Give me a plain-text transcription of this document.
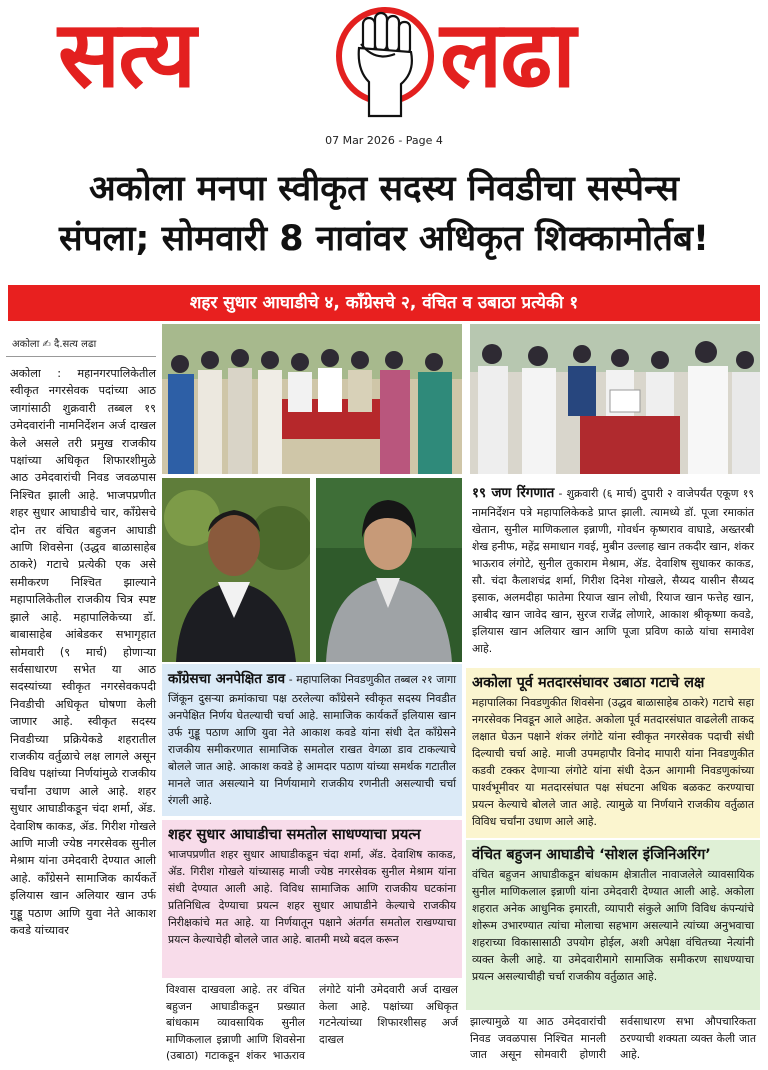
सत्य	लढा
07 Mar 2026 - Page 4
अकोला मनपा स्वीकृत सदस्य निवडीचा सस्पेन्स
संपला; सोमवारी 8 नावांवर अधिकृत शिक्कामोर्तब!
शहर सुधार आघाडीचे ४, काँग्रेसचे २, वंचित व उबाठा प्रत्येकी १
अकोला ✍ दै.सत्य लढा

अकोला : महानगरपालिकेतील स्वीकृत नगरसेवक पदांच्या आठ जागांसाठी शुक्रवारी तब्बल १९ उमेदवारांनी नामनिर्देशन अर्ज दाखल केले असले तरी प्रमुख राजकीय पक्षांच्या अधिकृत शिफारशीमुळे आठ उमेदवारांची निवड जवळपास निश्चित झाली आहे. भाजपप्रणीत शहर सुधार आघाडीचे चार, काँग्रेसचे दोन तर वंचित बहुजन आघाडी आणि शिवसेना (उद्धव बाळासाहेब ठाकरे) गटाचे प्रत्येकी एक असे समीकरण निश्चित झाल्याने महापालिकेतील राजकीय चित्र स्पष्ट झाले आहे. महापालिकेच्या डॉ. बाबासाहेब आंबेडकर सभागृहात सोमवारी (९ मार्च) होणाऱ्या सर्वसाधारण सभेत या आठ सदस्यांच्या स्वीकृत नगरसेवकपदी निवडीची अधिकृत घोषणा केली जाणार आहे. स्वीकृत सदस्य निवडीच्या प्रक्रियेकडे शहरातील राजकीय वर्तुळाचे लक्ष लागले असून विविध पक्षांच्या निर्णयांमुळे राजकीय चर्चांना उधाण आले आहे. शहर सुधार आघाडीकडून चंदा शर्मा, ॲड. देवाशिष काकड, ॲड. गिरीश गोखले आणि माजी ज्येष्ठ नगरसेवक सुनील मेश्राम यांना उमेदवारी देण्यात आली आहे. काँग्रेसने सामाजिक कार्यकर्ते इलियास खान अलियार खान उर्फ गुड्डू पठाण आणि युवा नेते आकाश कवडे यांच्यावर

१९ जण रिंगणात - शुक्रवारी (६ मार्च) दुपारी २ वाजेपर्यंत एकूण १९ नामनिर्देशन पत्रे महापालिकेकडे प्राप्त झाली. त्यामध्ये डॉ. पूजा रमाकांत खेतान, सुनील माणिकलाल इन्नाणी, गोवर्धन कृष्णराव वाघाडे, अख्तरबी शेख हनीफ, महेंद्र समाधान गवई, मुबीन उल्लाह खान तकदीर खान, शंकर भाऊराव लंगोटे, सुनील तुकाराम मेश्राम, ॲड. देवाशिष सुधाकर काकड, सौ. चंदा कैलाशचंद्र शर्मा, गिरीश दिनेश गोखले, सैय्यद यासीन सैय्यद इसाक, अलमदीहा फातेमा रियाज खान लोधी, रियाज खान फत्तेह खान, आबीद खान जावेद खान, सुरज राजेंद्र लोणारे, आकाश श्रीकृष्णा कवडे, इलियास खान अलियार खान आणि पूजा प्रविण काळे यांचा समावेश आहे.

काँग्रेसचा अनपेक्षित डाव - महापालिका निवडणुकीत तब्बल २१ जागा जिंकून दुसऱ्या क्रमांकाचा पक्ष ठरलेल्या काँग्रेसने स्वीकृत सदस्य निवडीत अनपेक्षित निर्णय घेतल्याची चर्चा आहे. सामाजिक कार्यकर्ते इलियास खान उर्फ गुड्डू पठाण आणि युवा नेते आकाश कवडे यांना संधी देत काँग्रेसने राजकीय समीकरणात सामाजिक समतोल राखत वेगळा डाव टाकल्याचे बोलले जात आहे. आकाश कवडे हे आमदार पठाण यांच्या समर्थक गटातील मानले जात असल्याने या निर्णयामागे राजकीय रणनीती असल्याची चर्चा रंगली आहे.

शहर सुधार आघाडीचा समतोल साधण्याचा प्रयत्न

भाजपप्रणीत शहर सुधार आघाडीकडून चंदा शर्मा, ॲड. देवाशिष काकड, ॲड. गिरीश गोखले यांच्यासह माजी ज्येष्ठ नगरसेवक सुनील मेश्राम यांना संधी देण्यात आली आहे. विविध सामाजिक आणि राजकीय घटकांना प्रतिनिधित्व देण्याचा प्रयत्न शहर सुधार आघाडीने केल्याचे राजकीय निरीक्षकांचे मत आहे. या निर्णयातून पक्षाने अंतर्गत समतोल राखण्याचा प्रयत्न केल्याचेही बोलले जात आहे. बातमी मध्ये बदल करून

अकोला पूर्व मतदारसंघावर उबाठा गटाचे लक्ष

महापालिका निवडणुकीत शिवसेना (उद्धव बाळासाहेब ठाकरे) गटाचे सहा नगरसेवक निवडून आले आहेत. अकोला पूर्व मतदारसंघात वाढलेली ताकद लक्षात घेऊन पक्षाने शंकर लंगोटे यांना स्वीकृत नगरसेवक पदाची संधी दिल्याची चर्चा आहे. माजी उपमहापौर विनोद मापारी यांना निवडणुकीत कडवी टक्कर देणाऱ्या लंगोटे यांना संधी देऊन आगामी निवडणुकांच्या पार्श्वभूमीवर या मतदारसंघात पक्ष संघटना अधिक बळकट करण्याचा प्रयत्न केल्याचे बोलले जात आहे. त्यामुळे या निर्णयाने राजकीय वर्तुळात विविध चर्चांना उधाण आले आहे.

वंचित बहुजन आघाडीचे ‘सोशल इंजिनिअरिंग’

वंचित बहुजन आघाडीकडून बांधकाम क्षेत्रातील नावाजलेले व्यावसायिक सुनील माणिकलाल इन्नाणी यांना उमेदवारी देण्यात आली आहे. अकोला शहरात अनेक आधुनिक इमारती, व्यापारी संकुले आणि विविध कंपन्यांचे शोरूम उभारण्यात त्यांचा मोलाचा सहभाग असल्याने त्यांच्या अनुभवाचा शहराच्या विकासासाठी उपयोग होईल, अशी अपेक्षा वंचितच्या नेत्यांनी व्यक्त केली आहे. या उमेदवारीमागे सामाजिक समीकरण साधण्याचा प्रयत्न असल्याचीही चर्चा राजकीय वर्तुळात आहे.

विश्वास दाखवला आहे. तर वंचित बहुजन आघाडीकडून प्रख्यात बांधकाम व्यावसायिक सुनील माणिकलाल इन्नाणी आणि शिवसेना (उबाठा) गटाकडून शंकर भाऊराव लंगोटे यांनी उमेदवारी अर्ज दाखल केला आहे. पक्षांच्या अधिकृत गटनेत्यांच्या शिफारशीसह अर्ज दाखल

झाल्यामुळे या आठ उमेदवारांची निवड जवळपास निश्चित मानली जात असून सोमवारी होणारी सर्वसाधारण सभा औपचारिकता ठरण्याची शक्यता व्यक्त केली जात आहे.
